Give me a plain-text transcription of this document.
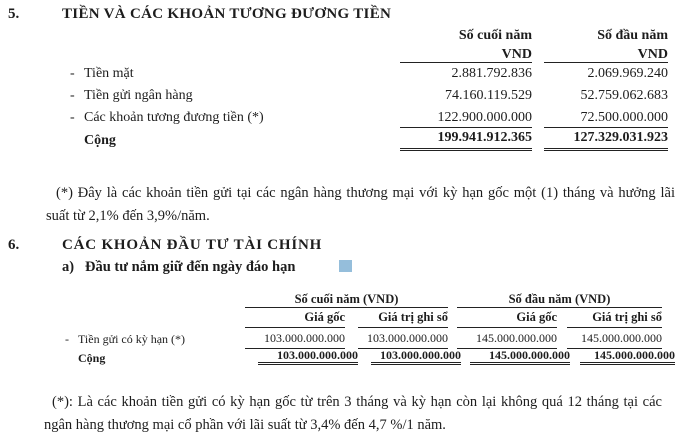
5.	TIỀN VÀ CÁC KHOẢN TƯƠNG ĐƯƠNG TIỀN
Số cuối năm	Số đầu năm
VND	VND
- Tiền mặt	2.881.792.836	2.069.969.240
- Tiền gửi ngân hàng	74.160.119.529	52.759.062.683
- Các khoản tương đương tiền (*)	122.900.000.000	72.500.000.000
Cộng	199.941.912.365	127.329.031.923
(*) Đây là các khoản tiền gửi tại các ngân hàng thương mại với kỳ hạn gốc một (1) tháng và hưởng lãi suất từ 2,1% đến 3,9%/năm.
6.	CÁC KHOẢN ĐẦU TƯ TÀI CHÍNH
a) Đầu tư nắm giữ đến ngày đáo hạn
Số cuối năm (VND)	Số đầu năm (VND)
Giá gốc	Giá trị ghi sổ	Giá gốc	Giá trị ghi sổ
- Tiền gửi có kỳ hạn (*)	103.000.000.000	103.000.000.000	145.000.000.000	145.000.000.000
Cộng	103.000.000.000	103.000.000.000	145.000.000.000	145.000.000.000
(*): Là các khoản tiền gửi có kỳ hạn gốc từ trên 3 tháng và kỳ hạn còn lại không quá 12 tháng tại các ngân hàng thương mại cổ phần với lãi suất từ 3,4% đến 4,7 %/1 năm.
